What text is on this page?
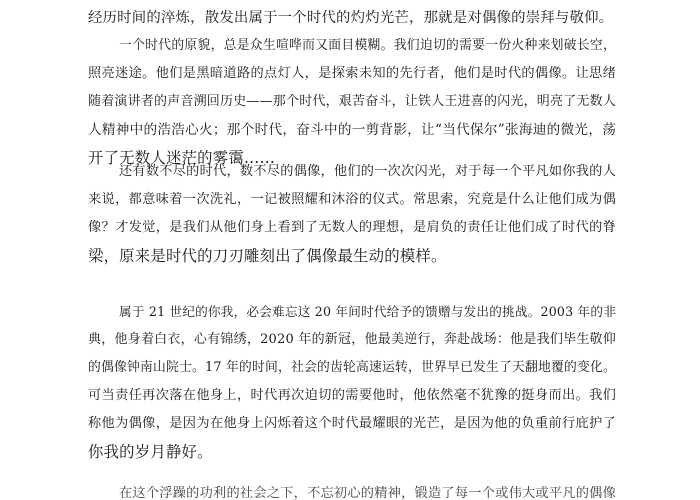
经历时间的淬炼，散发出属于一个时代的灼灼光芒，那就是对偶像的崇拜与敬仰。
一个时代的原貌，总是众生喧哗而又面目模糊。我们迫切的需要一份火种来划破长空，
照亮迷途。他们是黑暗道路的点灯人，是探索未知的先行者，他们是时代的偶像。让思绪
随着演讲者的声音溯回历史——那个时代，艰苦奋斗，让铁人王进喜的闪光，明亮了无数人
人精神中的浩浩心火；那个时代，奋斗中的一剪背影，让“当代保尔”张海迪的微光，荡
开了无数人迷茫的雾霭……
还有数不尽的时代，数不尽的偶像，他们的一次次闪光，对于每一个平凡如你我的人
来说，都意味着一次洗礼，一记被照耀和沐浴的仪式。常思索，究竟是什么让他们成为偶
像？才发觉，是我们从他们身上看到了无数人的理想，是肩负的责任让他们成了时代的脊
梁，原来是时代的刀刃雕刻出了偶像最生动的模样。
属于 21 世纪的你我，必会难忘这 20 年间时代给予的馈赠与发出的挑战。2003 年的非
典，他身着白衣，心有锦绣，2020 年的新冠，他最美逆行，奔赴战场：他是我们毕生敬仰
的偶像钟南山院士。17 年的时间，社会的齿轮高速运转，世界早已发生了天翻地覆的变化。
可当责任再次落在他身上，时代再次迫切的需要他时，他依然毫不犹豫的挺身而出。我们
称他为偶像，是因为在他身上闪烁着这个时代最耀眼的光芒，是因为他的负重前行庇护了
你我的岁月静好。
在这个浮躁的功利的社会之下，不忘初心的精神，锻造了每一个或伟大或平凡的偶像
